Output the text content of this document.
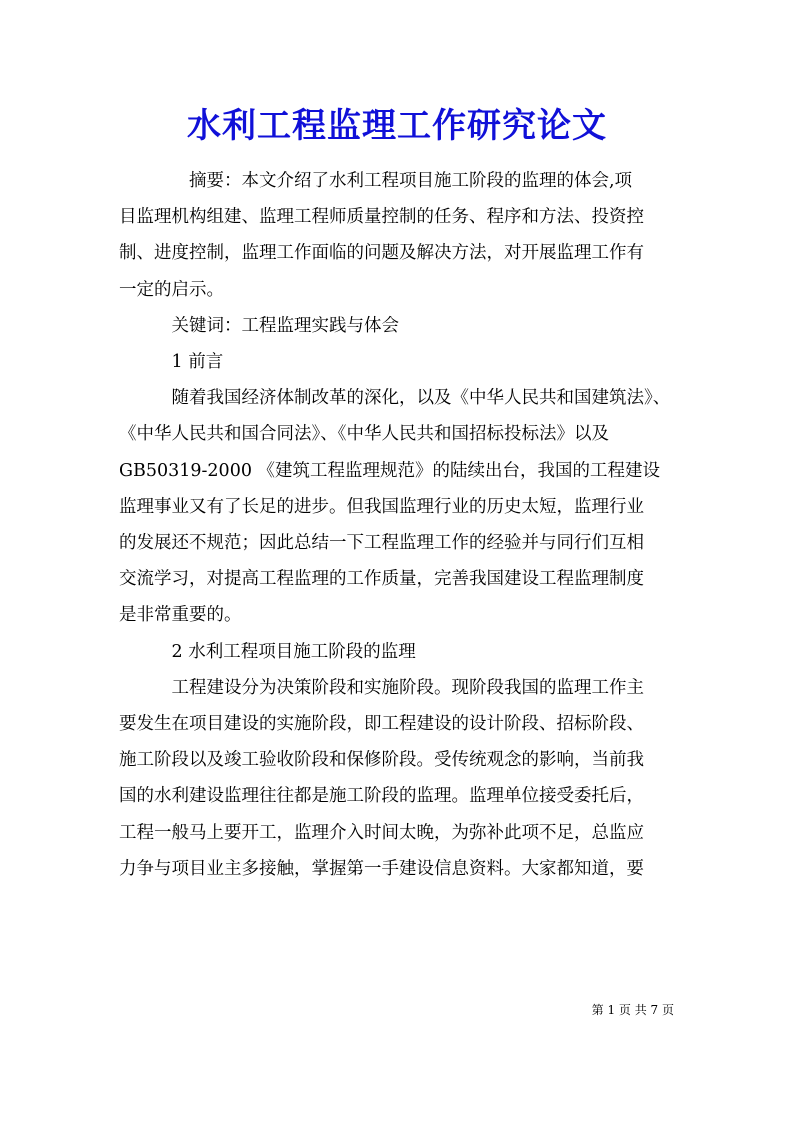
水利工程监理工作研究论文

摘要：本文介绍了水利工程项目施工阶段的监理的体会,项
目监理机构组建、监理工程师质量控制的任务、程序和方法、投资控
制、进度控制，监理工作面临的问题及解决方法，对开展监理工作有
一定的启示。

关键词：工程监理实践与体会

1 前言

随着我国经济体制改革的深化，以及《中华人民共和国建筑法》、
《中华人民共和国合同法》、《中华人民共和国招标投标法》以及
GB50319-2000 《建筑工程监理规范》的陆续出台，我国的工程建设
监理事业又有了长足的进步。但我国监理行业的历史太短，监理行业
的发展还不规范；因此总结一下工程监理工作的经验并与同行们互相
交流学习，对提高工程监理的工作质量，完善我国建设工程监理制度
是非常重要的。

2 水利工程项目施工阶段的监理

工程建设分为决策阶段和实施阶段。现阶段我国的监理工作主
要发生在项目建设的实施阶段，即工程建设的设计阶段、招标阶段、
施工阶段以及竣工验收阶段和保修阶段。受传统观念的影响，当前我
国的水利建设监理往往都是施工阶段的监理。监理单位接受委托后，
工程一般马上要开工，监理介入时间太晚，为弥补此项不足，总监应
力争与项目业主多接触，掌握第一手建设信息资料。大家都知道，要

第 1 页 共 7 页
